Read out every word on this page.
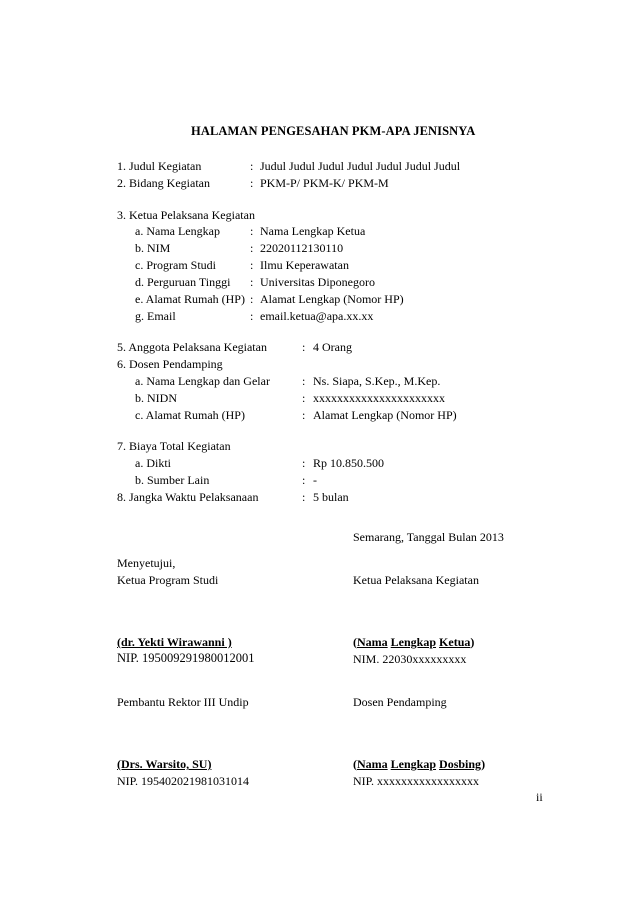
HALAMAN PENGESAHAN PKM-APA JENISNYA
1. Judul Kegiatan	: Judul Judul Judul Judul Judul Judul Judul
2. Bidang Kegiatan	: PKM-P/ PKM-K/ PKM-M
3. Ketua Pelaksana Kegiatan
a. Nama Lengkap	: Nama Lengkap Ketua
b. NIM	: 22020112130110
c. Program Studi	: Ilmu Keperawatan
d. Perguruan Tinggi : Universitas Diponegoro
e. Alamat Rumah (HP) : Alamat Lengkap (Nomor HP)
g. Email	: email.ketua@apa.xx.xx
5. Anggota Pelaksana Kegiatan	: 4 Orang
6. Dosen Pendamping
a. Nama Lengkap dan Gelar	: Ns. Siapa, S.Kep., M.Kep.
b. NIDN	: xxxxxxxxxxxxxxxxxxxxxx
c. Alamat Rumah (HP)	: Alamat Lengkap (Nomor HP)
7. Biaya Total Kegiatan
a. Dikti	: Rp 10.850.500
b. Sumber Lain	: -
8. Jangka Waktu Pelaksanaan	: 5 bulan
Semarang, Tanggal Bulan 2013
Menyetujui,
Ketua Program Studi	Ketua Pelaksana Kegiatan
(dr. Yekti Wirawanni )	(Nama Lengkap Ketua)
NIP. 195009291980012001	NIM. 22030xxxxxxxxx
Pembantu Rektor III Undip	Dosen Pendamping
(Drs. Warsito, SU)	(Nama Lengkap Dosbing)
NIP. 195402021981031014	NIP. xxxxxxxxxxxxxxxxx
ii
